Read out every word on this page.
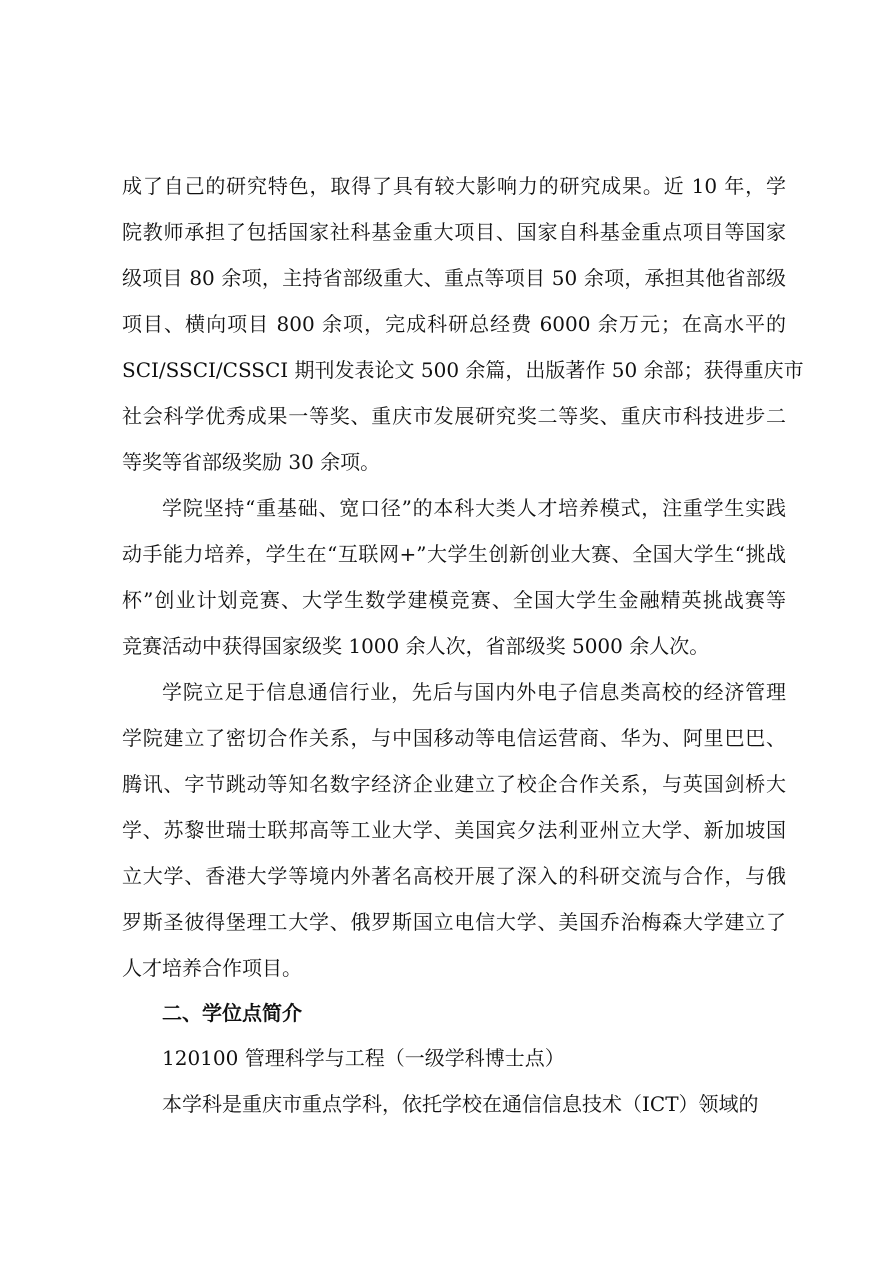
成了自己的研究特色，取得了具有较大影响力的研究成果。近 10 年，学
院教师承担了包括国家社科基金重大项目、国家自科基金重点项目等国家
级项目 80 余项，主持省部级重大、重点等项目 50 余项，承担其他省部级
项目、横向项目 800 余项，完成科研总经费 6000 余万元；在高水平的
SCI/SSCI/CSSCI 期刊发表论文 500 余篇，出版著作 50 余部；获得重庆市
社会科学优秀成果一等奖、重庆市发展研究奖二等奖、重庆市科技进步二
等奖等省部级奖励 30 余项。
学院坚持“重基础、宽口径”的本科大类人才培养模式，注重学生实践
动手能力培养，学生在“互联网+”大学生创新创业大赛、全国大学生“挑战
杯”创业计划竞赛、大学生数学建模竞赛、全国大学生金融精英挑战赛等
竞赛活动中获得国家级奖 1000 余人次，省部级奖 5000 余人次。
学院立足于信息通信行业，先后与国内外电子信息类高校的经济管理
学院建立了密切合作关系，与中国移动等电信运营商、华为、阿里巴巴、
腾讯、字节跳动等知名数字经济企业建立了校企合作关系，与英国剑桥大
学、苏黎世瑞士联邦高等工业大学、美国宾夕法利亚州立大学、新加坡国
立大学、香港大学等境内外著名高校开展了深入的科研交流与合作，与俄
罗斯圣彼得堡理工大学、俄罗斯国立电信大学、美国乔治梅森大学建立了
人才培养合作项目。
二、学位点简介
120100 管理科学与工程（一级学科博士点）
本学科是重庆市重点学科，依托学校在通信信息技术（ICT）领域的
